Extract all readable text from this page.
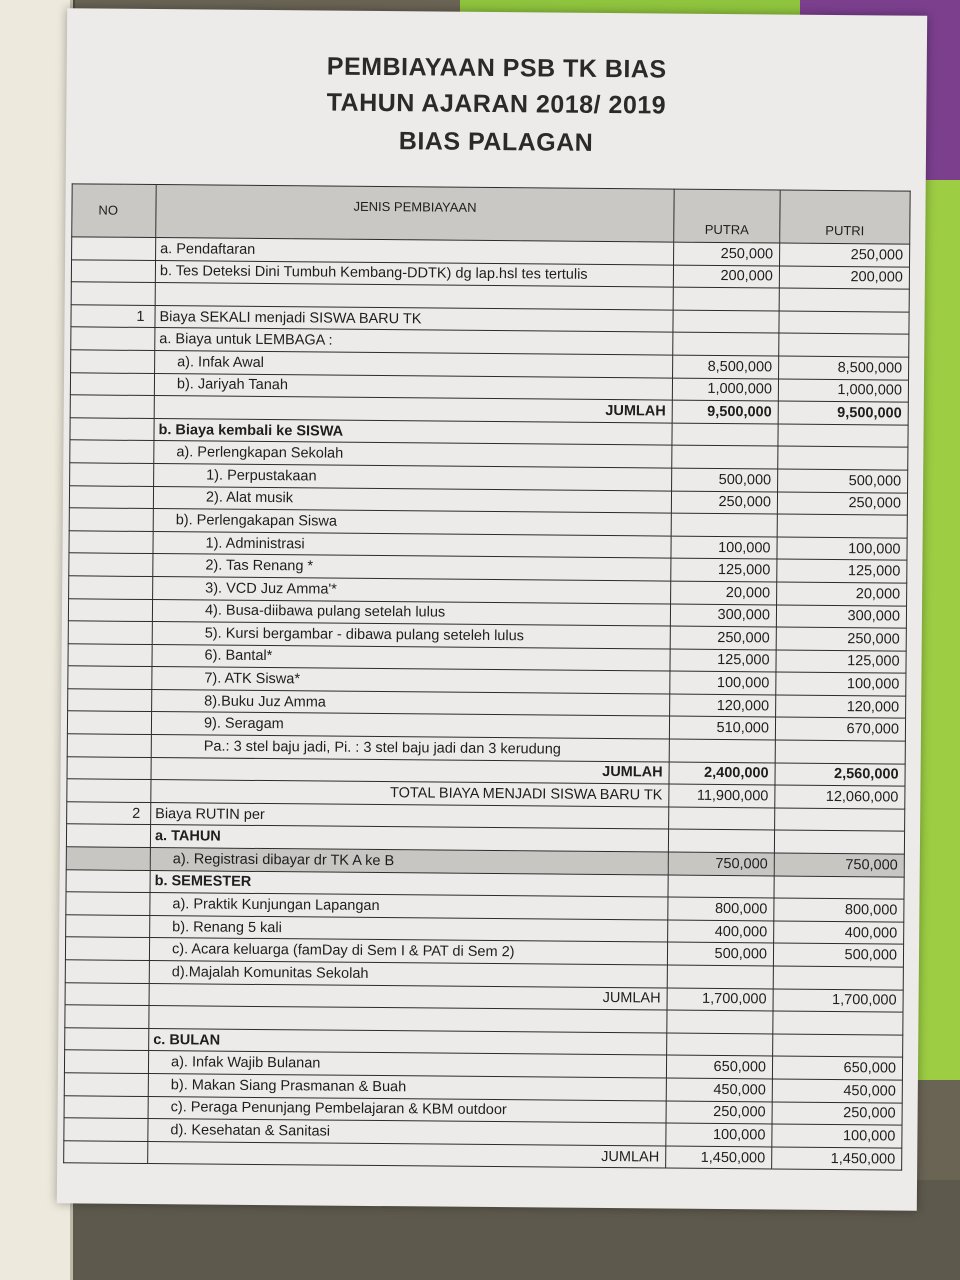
PEMBIAYAAN PSB TK BIAS
TAHUN AJARAN 2018/ 2019
BIAS PALAGAN
NO	JENIS PEMBIAYAAN	PUTRA	PUTRI
	a. Pendaftaran	250,000	250,000
	b. Tes Deteksi Dini Tumbuh Kembang-DDTK) dg lap.hsl tes tertulis	200,000	200,000

1	Biaya SEKALI menjadi SISWA BARU TK		
	a. Biaya untuk LEMBAGA :		
	a). Infak Awal	8,500,000	8,500,000
	b). Jariyah Tanah	1,000,000	1,000,000
	JUMLAH	9,500,000	9,500,000
	b. Biaya kembali ke SISWA		
	a). Perlengkapan Sekolah		
	1). Perpustakaan	500,000	500,000
	2). Alat musik	250,000	250,000
	b). Perlengakapan Siswa		
	1). Administrasi	100,000	100,000
	2). Tas Renang *	125,000	125,000
	3). VCD Juz Amma'*	20,000	20,000
	4). Busa-diibawa pulang setelah lulus	300,000	300,000
	5). Kursi bergambar - dibawa pulang seteleh lulus	250,000	250,000
	6). Bantal*	125,000	125,000
	7). ATK Siswa*	100,000	100,000
	8).Buku Juz Amma	120,000	120,000
	9). Seragam	510,000	670,000
	Pa.: 3 stel baju jadi, Pi. : 3 stel baju jadi dan 3 kerudung		
	JUMLAH	2,400,000	2,560,000
	TOTAL BIAYA MENJADI SISWA BARU TK	11,900,000	12,060,000
2	Biaya RUTIN per		
	a. TAHUN		
	a). Registrasi dibayar dr TK A ke B	750,000	750,000
	b. SEMESTER		
	a). Praktik Kunjungan Lapangan	800,000	800,000
	b). Renang 5 kali	400,000	400,000
	c). Acara keluarga (famDay di Sem I & PAT di Sem 2)	500,000	500,000
	d).Majalah Komunitas Sekolah		
	JUMLAH	1,700,000	1,700,000

	c. BULAN		
	a). Infak Wajib Bulanan	650,000	650,000
	b). Makan Siang Prasmanan & Buah	450,000	450,000
	c). Peraga Penunjang Pembelajaran & KBM outdoor	250,000	250,000
	d). Kesehatan & Sanitasi	100,000	100,000
	JUMLAH	1,450,000	1,450,000
